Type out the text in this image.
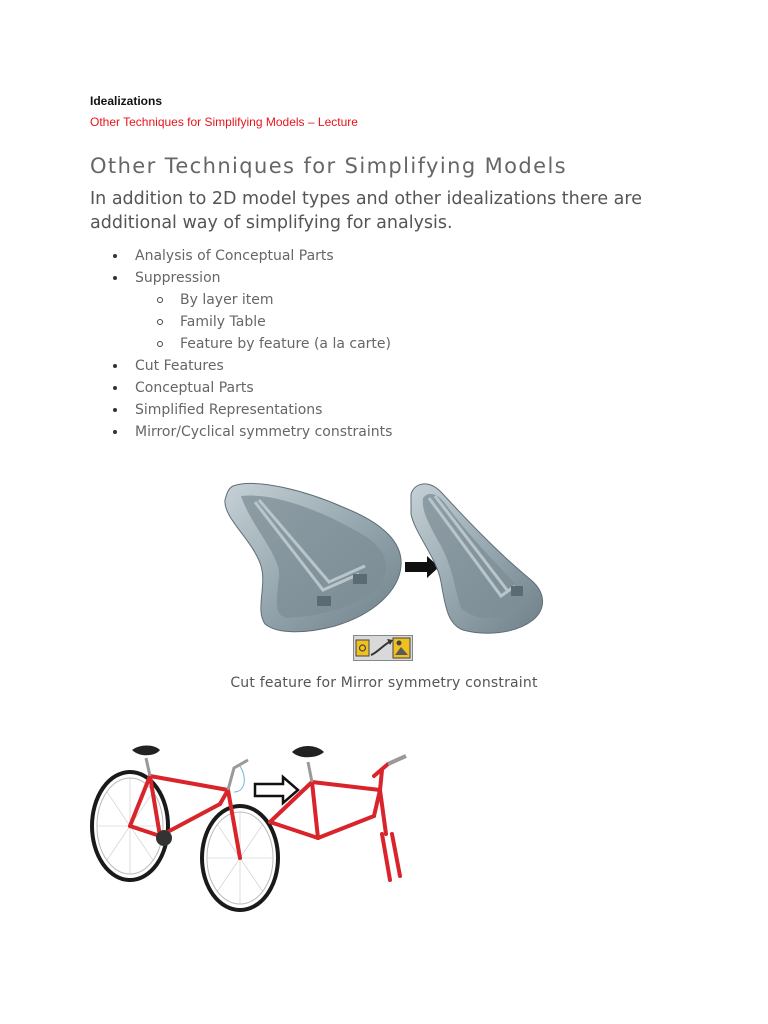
Idealizations
Other Techniques for Simplifying Models – Lecture
Other Techniques for Simplifying Models
In addition to 2D model types and other idealizations there are additional way of simplifying for analysis.
Analysis of Conceptual Parts
Suppression
By layer item
Family Table
Feature by feature (a la carte)
Cut Features
Conceptual Parts
Simplified Representations
Mirror/Cyclical symmetry constraints
Cut feature for Mirror symmetry constraint
